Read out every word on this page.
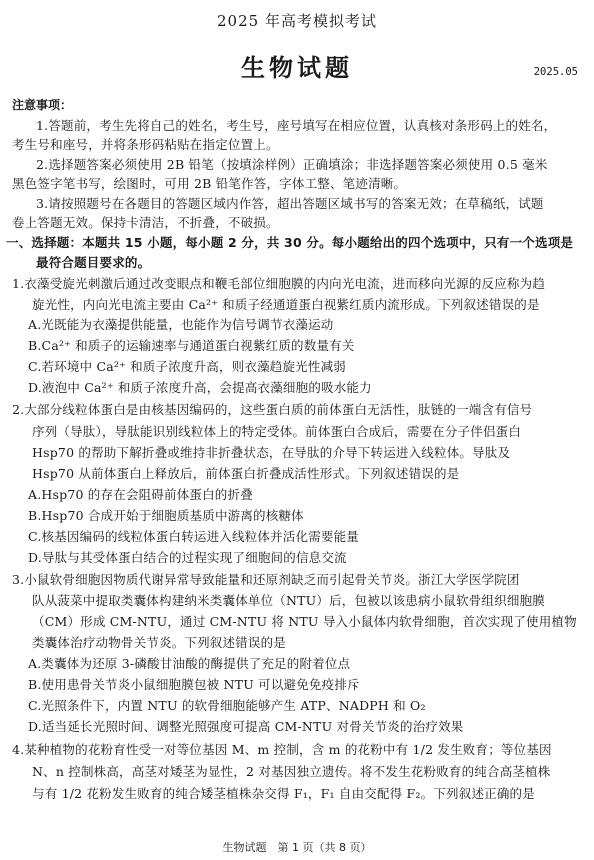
2025 年高考模拟考试
生物试题	2025.05
注意事项：
1.答题前，考生先将自己的姓名，考生号，座号填写在相应位置，认真核对条形码上的姓名，
考生号和座号，并将条形码粘贴在指定位置上。
2.选择题答案必须使用 2B 铅笔（按填涂样例）正确填涂；非选择题答案必须使用 0.5 毫米
黑色签字笔书写，绘图时，可用 2B 铅笔作答，字体工整、笔迹清晰。
3.请按照题号在各题目的答题区域内作答，超出答题区域书写的答案无效；在草稿纸，试题
卷上答题无效。保持卡清洁，不折叠，不破损。
一、选择题：本题共 15 小题，每小题 2 分，共 30 分。每小题给出的四个选项中，只有一个选项是
最符合题目要求的。
1.衣藻受旋光刺激后通过改变眼点和鞭毛部位细胞膜的内向光电流，进而移向光源的反应称为趋
旋光性，内向光电流主要由 Ca²⁺ 和质子经通道蛋白视紫红质内流形成。下列叙述错误的是
A.光既能为衣藻提供能量，也能作为信号调节衣藻运动
B.Ca²⁺ 和质子的运输速率与通道蛋白视紫红质的数量有关
C.若环境中 Ca²⁺ 和质子浓度升高，则衣藻趋旋光性减弱
D.液泡中 Ca²⁺ 和质子浓度升高，会提高衣藻细胞的吸水能力
2.大部分线粒体蛋白是由核基因编码的，这些蛋白质的前体蛋白无活性，肽链的一端含有信号
序列（导肽），导肽能识别线粒体上的特定受体。前体蛋白合成后，需要在分子伴侣蛋白
Hsp70 的帮助下解折叠或维持非折叠状态，在导肽的介导下转运进入线粒体。导肽及
Hsp70 从前体蛋白上释放后，前体蛋白折叠成活性形式。下列叙述错误的是
A.Hsp70 的存在会阻碍前体蛋白的折叠
B.Hsp70 合成开始于细胞质基质中游离的核糖体
C.核基因编码的线粒体蛋白转运进入线粒体并活化需要能量
D.导肽与其受体蛋白结合的过程实现了细胞间的信息交流
3.小鼠软骨细胞因物质代谢异常导致能量和还原剂缺乏而引起骨关节炎。浙江大学医学院团
队从菠菜中提取类囊体构建纳米类囊体单位（NTU）后，包被以该患病小鼠软骨组织细胞膜
（CM）形成 CM-NTU，通过 CM-NTU 将 NTU 导入小鼠体内软骨细胞，首次实现了使用植物
类囊体治疗动物骨关节炎。下列叙述错误的是
A.类囊体为还原 3-磷酸甘油酸的酶提供了充足的附着位点
B.使用患骨关节炎小鼠细胞膜包被 NTU 可以避免免疫排斥
C.光照条件下，内置 NTU 的软骨细胞能够产生 ATP、NADPH 和 O₂
D.适当延长光照时间、调整光照强度可提高 CM-NTU 对骨关节炎的治疗效果
4.某种植物的花粉育性受一对等位基因 M、m 控制，含 m 的花粉中有 1/2 发生败育；等位基因
N、n 控制株高，高茎对矮茎为显性，2 对基因独立遗传。将不发生花粉败育的纯合高茎植株
与有 1/2 花粉发生败育的纯合矮茎植株杂交得 F₁，F₁ 自由交配得 F₂。下列叙述正确的是
生物试题　第 1 页（共 8 页）
